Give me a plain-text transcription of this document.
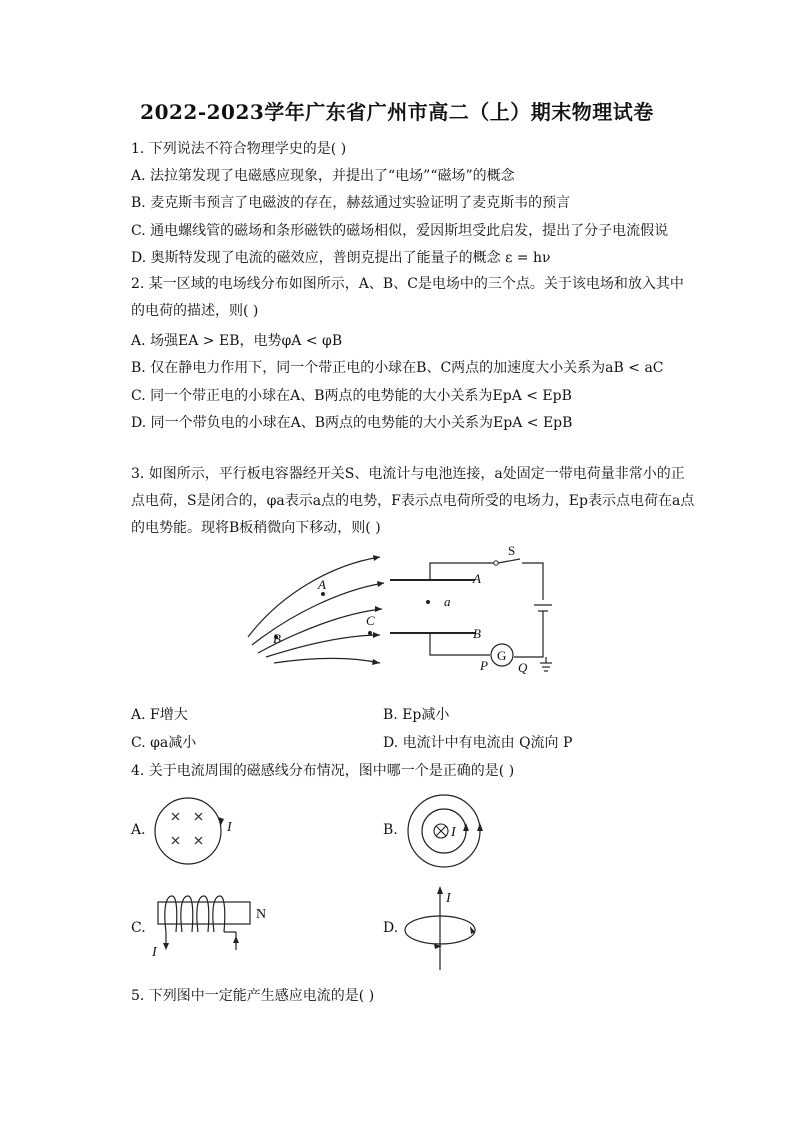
2022-2023学年广东省广州市高二（上）期末物理试卷
1. 下列说法不符合物理学史的是( )
A. 法拉第发现了电磁感应现象，并提出了“电场”“磁场”的概念
B. 麦克斯韦预言了电磁波的存在，赫兹通过实验证明了麦克斯韦的预言
C. 通电螺线管的磁场和条形磁铁的磁场相似，爱因斯坦受此启发，提出了分子电流假说
D. 奥斯特发现了电流的磁效应，普朗克提出了能量子的概念 ε = hν
2. 某一区域的电场线分布如图所示，A、B、C是电场中的三个点。关于该电场和放入其中的电荷的描述，则( )
A. 场强EA > EB，电势φA < φB
B. 仅在静电力作用下，同一个带正电的小球在B、C两点的加速度大小关系为aB < aC
C. 同一个带正电的小球在A、B两点的电势能的大小关系为EpA < EpB
D. 同一个带负电的小球在A、B两点的电势能的大小关系为EpA < EpB
3. 如图所示，平行板电容器经开关S、电流计与电池连接，a处固定一带电荷量非常小的正点电荷，S是闭合的，φa表示a点的电势，F表示点电荷所受的电场力，Ep表示点电荷在a点的电势能。现将B板稍微向下移动，则( )
A
B
C
A
B
a
P Q
S
G
A. F增大	B. Ep减小
C. φa减小	D. 电流计中有电流由 Q流向 P
4. 关于电流周围的磁感线分布情况，图中哪一个是正确的是( )
A.	I	B.	I
C.
I
N
D.
I
5. 下列图中一定能产生感应电流的是( )
